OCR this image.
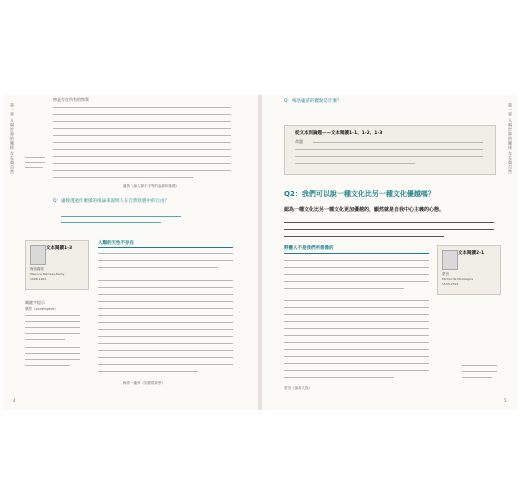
第一章 人與世界的關係 存在與自然
物是存在所有的物質
盧梭《論人類不平等的起源和基礎》
Q：盧梭透過什麼樣的推論來說明人在自然狀態中的自由？
文本閱讀1-3
梅洛龐蒂
Maurice Merleau-Ponty
1908-1961
人類的天性不存在
梅洛－龐蒂《知覺現象學》
關鍵字提示
偶然（contingent）
4
第一章 人與世界的關係 存在與自然
Q：梅洛龐蒂的觀點是什麼？
從文本到論題——文本閱讀1-1、1-2、1-3
命題
Q2：我們可以說一種文化比另一種文化優越嗎？
認為一種文化比另一種文化更加優越的，顯然就是自我中心主義的心態。
野蠻人不是我們所想像的
蒙田《論食人族》
文本閱讀2-1
蒙田
Michel de Montaigne
1533-1592
5
